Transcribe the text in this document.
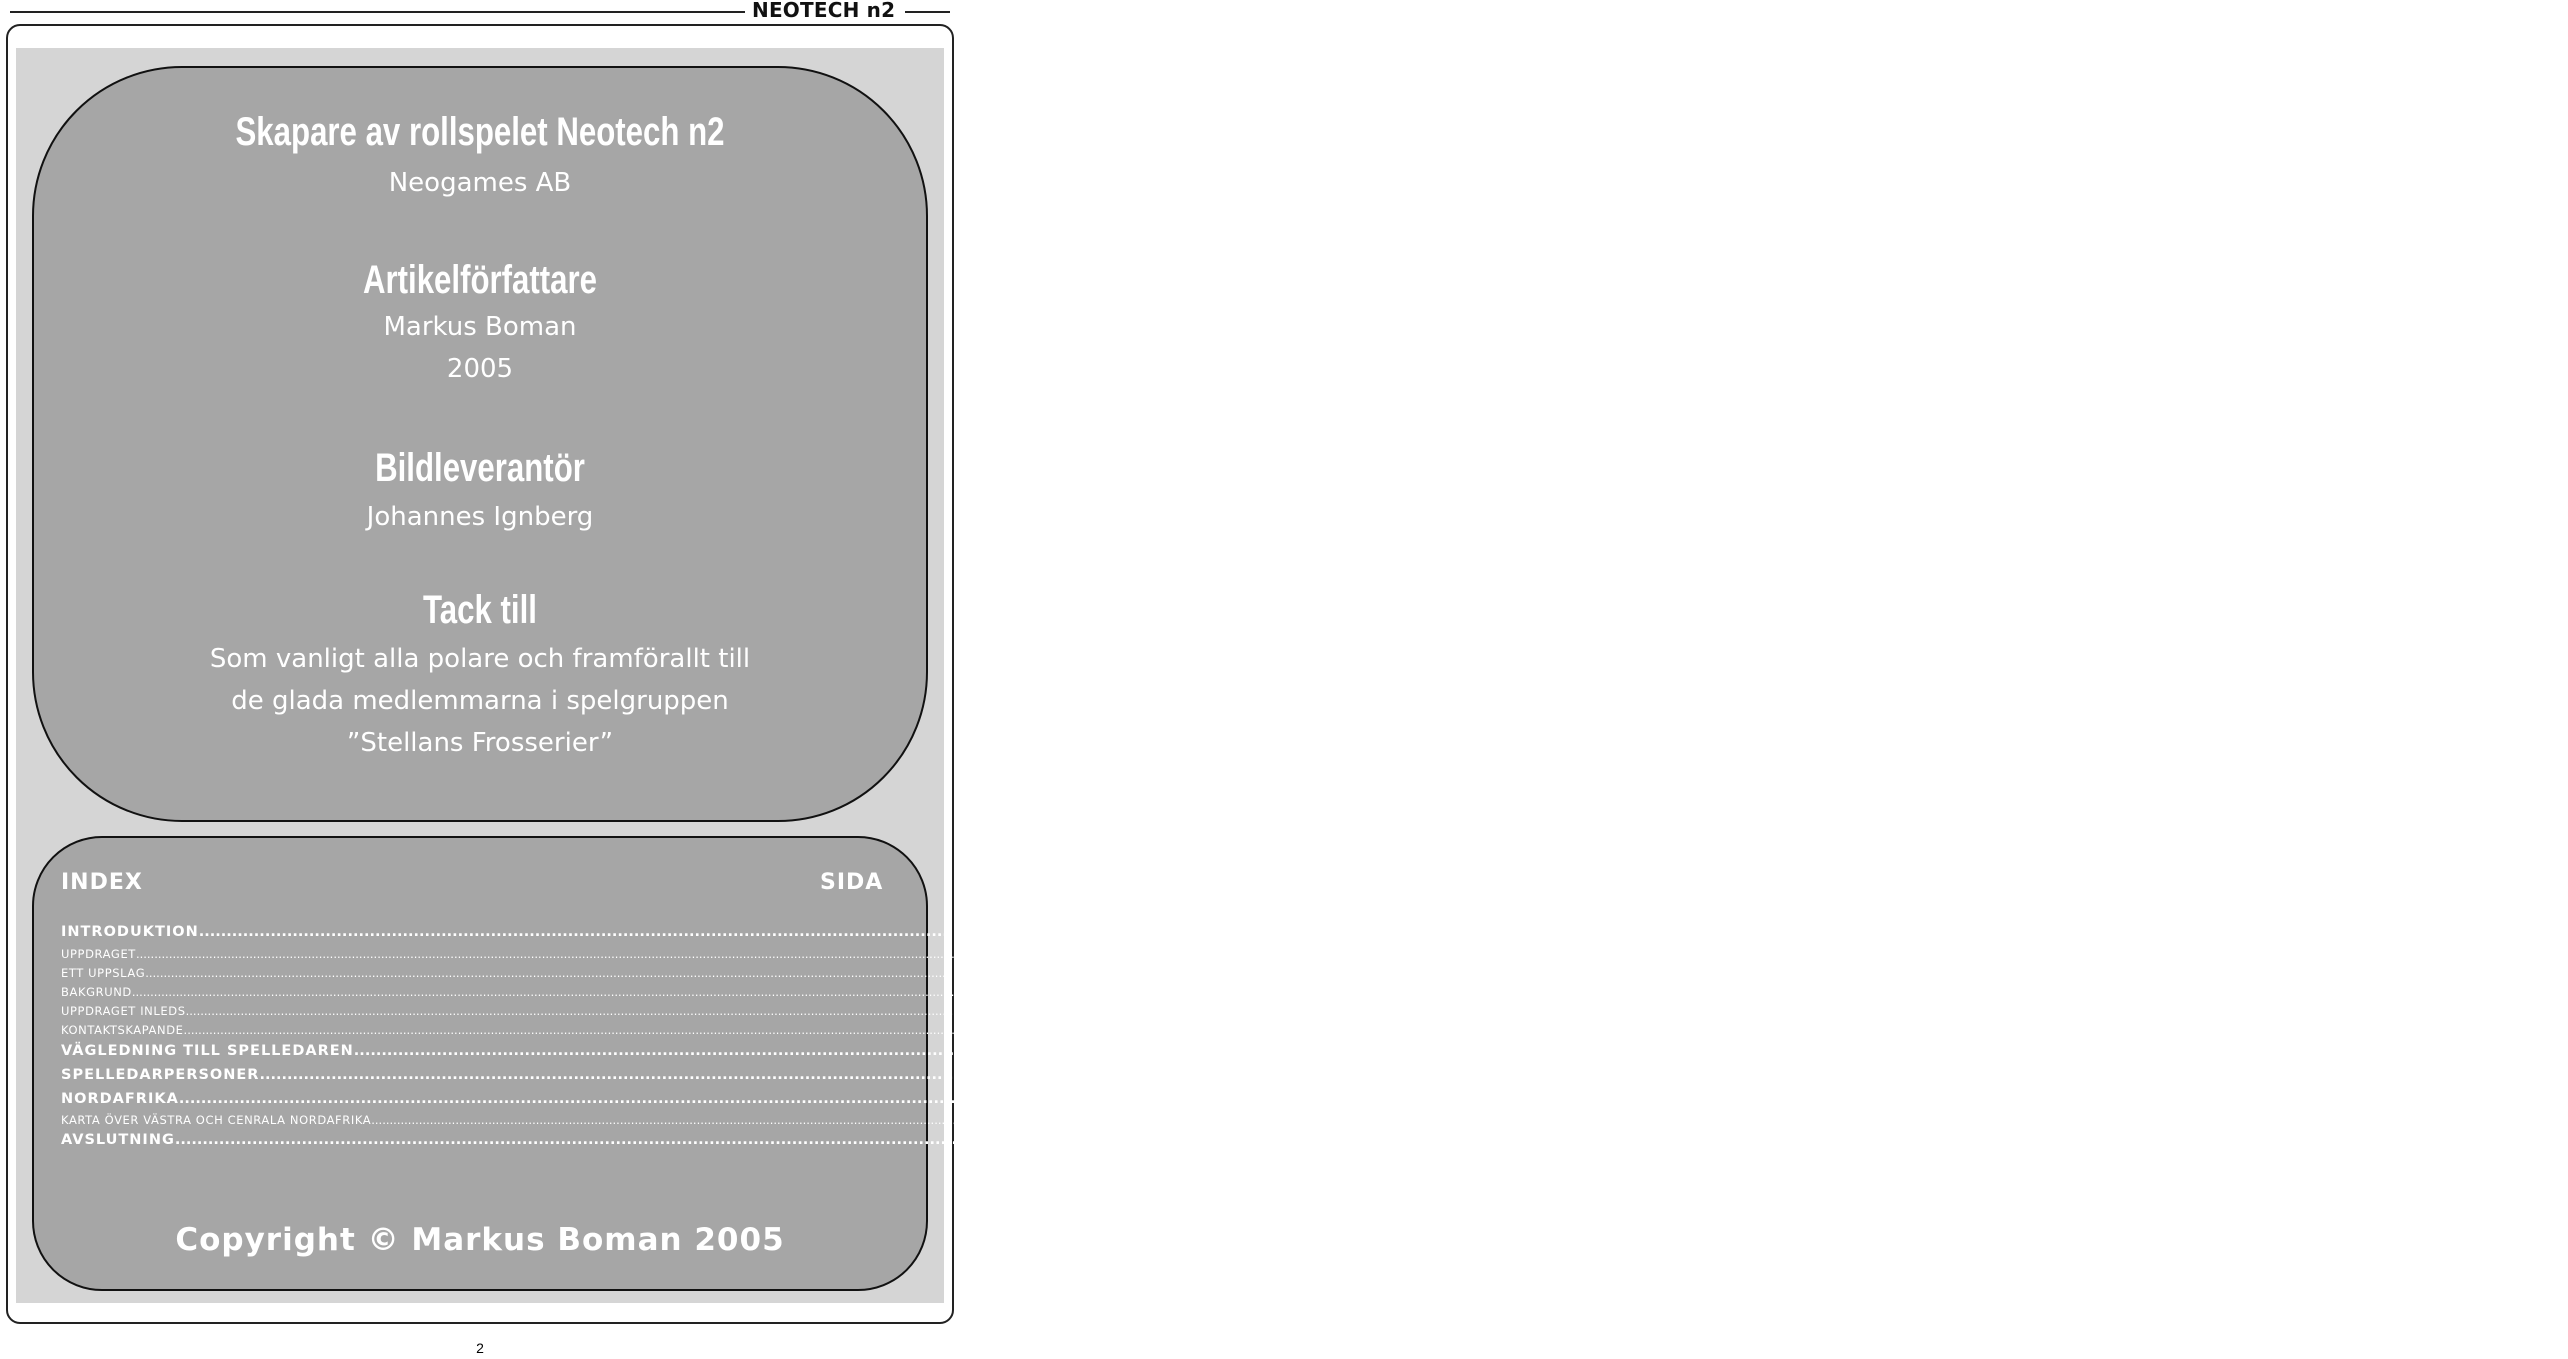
NEOTECH n2
Skapare av rollspelet Neotech n2
Neogames AB
Artikelförfattare
Markus Boman
2005
Bildleverantör
Johannes Ignberg
Tack till
Som vanligt alla polare och framförallt till
de glada medlemmarna i spelgruppen
”Stellans Frosserier”
INDEX	SIDA
INTRODUKTION ................................................................................................................................................................................................................................................................................................................................................................................................................ 3
UPPDRAGET ................................................................................................................................................................................................................................................................................................................................................................................................................ 3
ETT UPPSLAG ................................................................................................................................................................................................................................................................................................................................................................................................................ 3
BAKGRUND ................................................................................................................................................................................................................................................................................................................................................................................................................ 3
UPPDRAGET INLEDS ................................................................................................................................................................................................................................................................................................................................................................................................................ 5
KONTAKTSKAPANDE ................................................................................................................................................................................................................................................................................................................................................................................................................ 5
VÄGLEDNING TILL SPELLEDAREN ................................................................................................................................................................................................................................................................................................................................................................................................................ 6
SPELLEDARPERSONER ................................................................................................................................................................................................................................................................................................................................................................................................................ 8
NORDAFRIKA ................................................................................................................................................................................................................................................................................................................................................................................................................ 11
KARTA ÖVER VÄSTRA OCH CENRALA NORDAFRIKA ................................................................................................................................................................................................................................................................................................................................................................................................................ 13
AVSLUTNING ................................................................................................................................................................................................................................................................................................................................................................................................................ 14
Copyright © Markus Boman 2005
2
